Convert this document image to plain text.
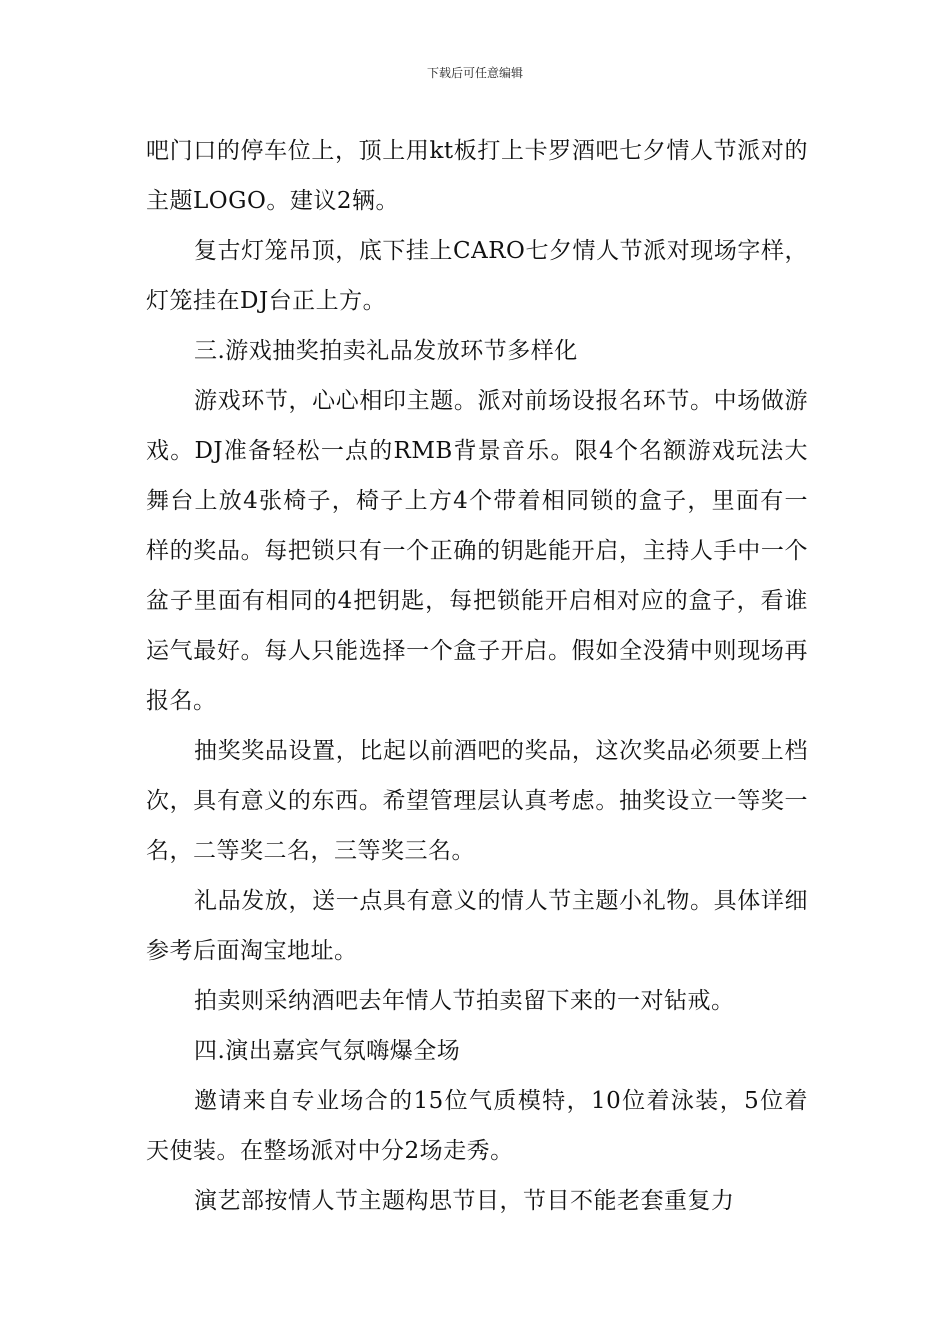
下载后可任意编辑

吧门口的停车位上，顶上用kt板打上卡罗酒吧七夕情人节派对的主题LOGO。建议2辆。

复古灯笼吊顶，底下挂上CARO七夕情人节派对现场字样，灯笼挂在DJ台正上方。

三.游戏抽奖拍卖礼品发放环节多样化

游戏环节，心心相印主题。派对前场设报名环节。中场做游戏。DJ准备轻松一点的RMB背景音乐。限4个名额游戏玩法大舞台上放4张椅子，椅子上方4个带着相同锁的盒子，里面有一样的奖品。每把锁只有一个正确的钥匙能开启，主持人手中一个盆子里面有相同的4把钥匙，每把锁能开启相对应的盒子，看谁运气最好。每人只能选择一个盒子开启。假如全没猜中则现场再报名。

抽奖奖品设置，比起以前酒吧的奖品，这次奖品必须要上档次，具有意义的东西。希望管理层认真考虑。抽奖设立一等奖一名，二等奖二名，三等奖三名。

礼品发放，送一点具有意义的情人节主题小礼物。具体详细参考后面淘宝地址。

拍卖则采纳酒吧去年情人节拍卖留下来的一对钻戒。

四.演出嘉宾气氛嗨爆全场

邀请来自专业场合的15位气质模特，10位着泳装，5位着天使装。在整场派对中分2场走秀。

演艺部按情人节主题构思节目，节目不能老套重复力
